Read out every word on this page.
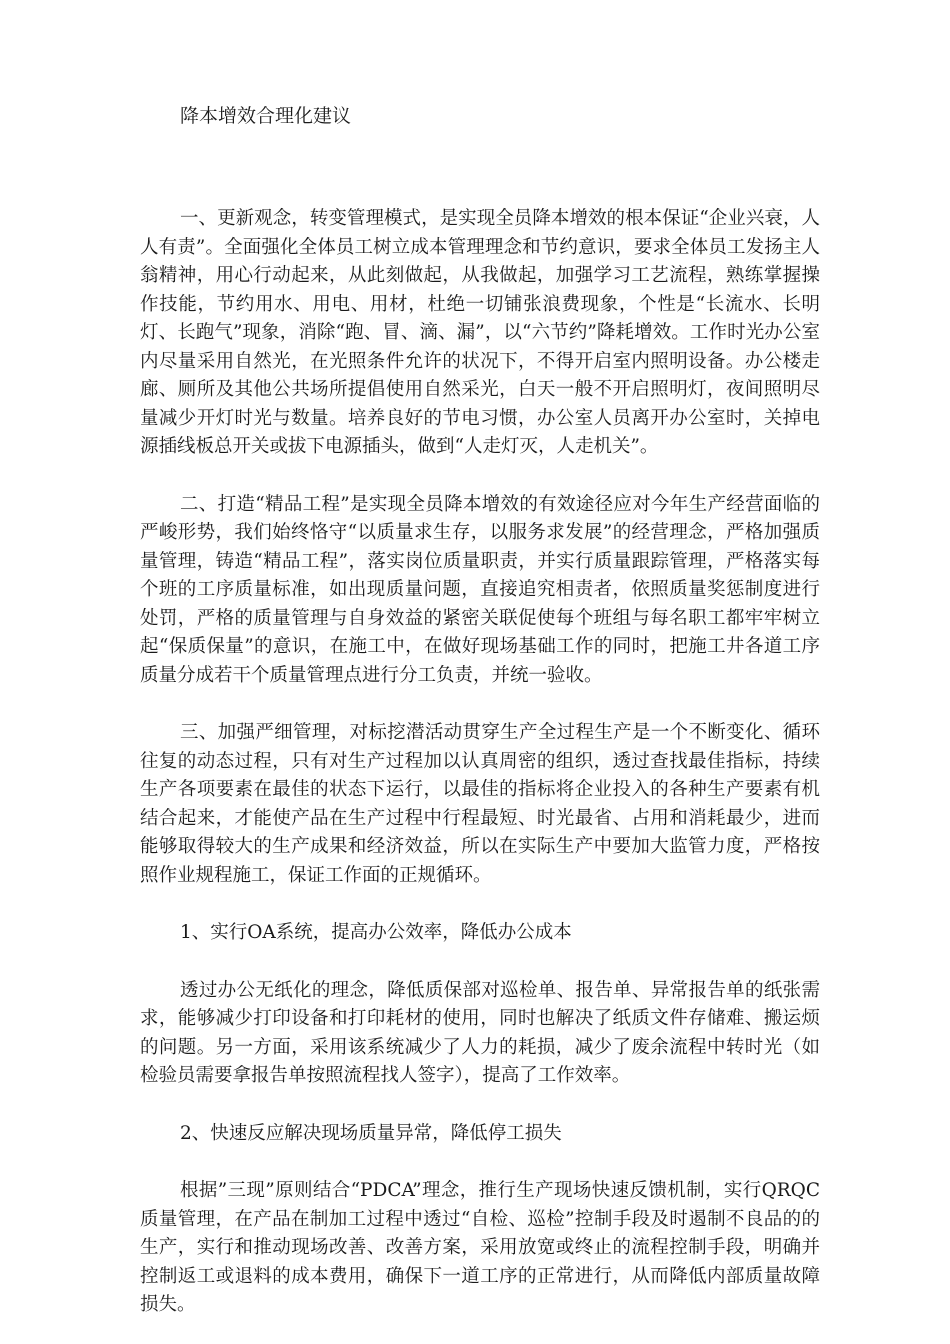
降本增效合理化建议

一、更新观念，转变管理模式，是实现全员降本增效的根本保证“企业兴衰，人人有责”。全面强化全体员工树立成本管理理念和节约意识，要求全体员工发扬主人翁精神，用心行动起来，从此刻做起，从我做起，加强学习工艺流程，熟练掌握操作技能，节约用水、用电、用材，杜绝一切铺张浪费现象，个性是“长流水、长明灯、长跑气”现象，消除“跑、冒、滴、漏”，以“六节约”降耗增效。工作时光办公室内尽量采用自然光，在光照条件允许的状况下，不得开启室内照明设备。办公楼走廊、厕所及其他公共场所提倡使用自然采光，白天一般不开启照明灯，夜间照明尽量减少开灯时光与数量。培养良好的节电习惯，办公室人员离开办公室时，关掉电源插线板总开关或拔下电源插头，做到“人走灯灭，人走机关”。

二、打造“精品工程”是实现全员降本增效的有效途径应对今年生产经营面临的严峻形势，我们始终恪守“以质量求生存，以服务求发展”的经营理念，严格加强质量管理，铸造“精品工程”，落实岗位质量职责，并实行质量跟踪管理，严格落实每个班的工序质量标准，如出现质量问题，直接追究相责者，依照质量奖惩制度进行处罚，严格的质量管理与自身效益的紧密关联促使每个班组与每名职工都牢牢树立起“保质保量”的意识，在施工中，在做好现场基础工作的同时，把施工井各道工序质量分成若干个质量管理点进行分工负责，并统一验收。

三、加强严细管理，对标挖潜活动贯穿生产全过程生产是一个不断变化、循环往复的动态过程，只有对生产过程加以认真周密的组织，透过查找最佳指标，持续生产各项要素在最佳的状态下运行，以最佳的指标将企业投入的各种生产要素有机结合起来，才能使产品在生产过程中行程最短、时光最省、占用和消耗最少，进而能够取得较大的生产成果和经济效益，所以在实际生产中要加大监管力度，严格按照作业规程施工，保证工作面的正规循环。

1、实行OA系统，提高办公效率，降低办公成本

透过办公无纸化的理念，降低质保部对巡检单、报告单、异常报告单的纸张需求，能够减少打印设备和打印耗材的使用，同时也解决了纸质文件存储难、搬运烦的问题。另一方面，采用该系统减少了人力的耗损，减少了废余流程中转时光（如检验员需要拿报告单按照流程找人签字），提高了工作效率。

2、快速反应解决现场质量异常，降低停工损失

根据”三现”原则结合“PDCA”理念，推行生产现场快速反馈机制，实行QRQC质量管理，在产品在制加工过程中透过“自检、巡检”控制手段及时遏制不良品的的生产，实行和推动现场改善、改善方案，采用放宽或终止的流程控制手段，明确并控制返工或退料的成本费用，确保下一道工序的正常进行，从而降低内部质量故障损失。
